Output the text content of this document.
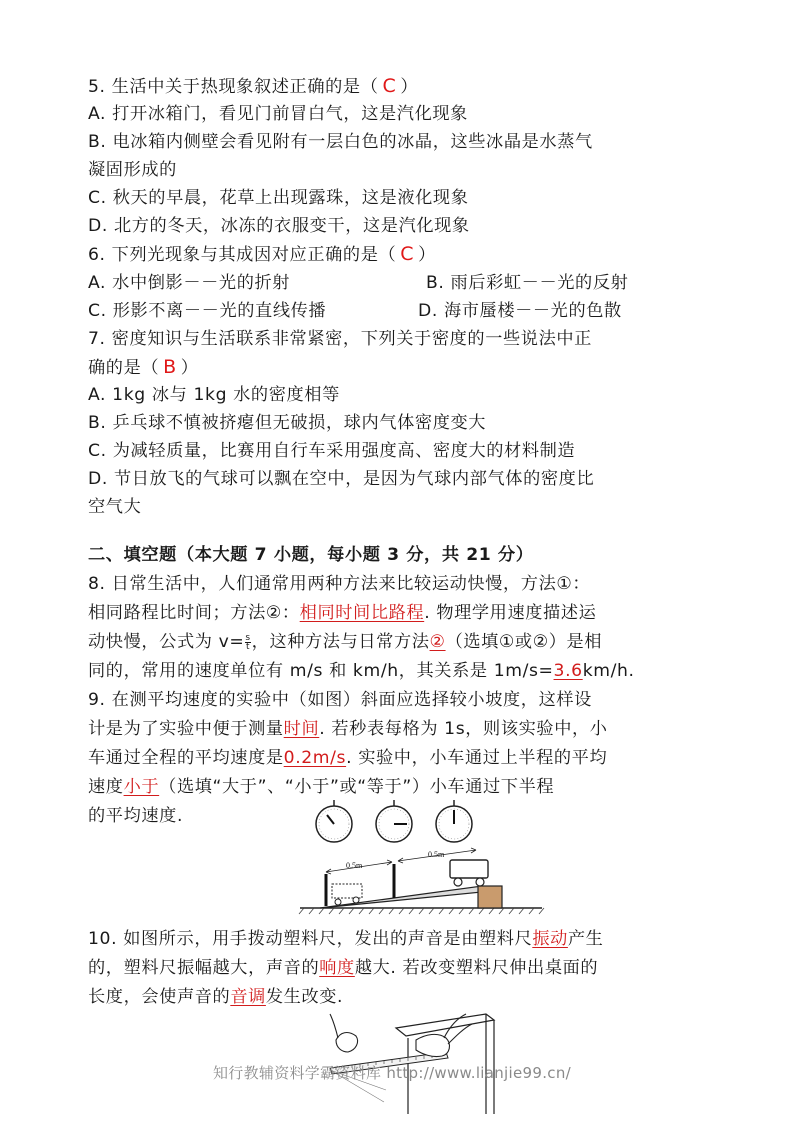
5. 生活中关于热现象叙述正确的是（ C ）
A. 打开冰箱门，看见门前冒白气，这是汽化现象
B. 电冰箱内侧壁会看见附有一层白色的冰晶，这些冰晶是水蒸气
凝固形成的
C. 秋天的早晨，花草上出现露珠，这是液化现象
D. 北方的冬天，冰冻的衣服变干，这是汽化现象
6. 下列光现象与其成因对应正确的是（ C ）
A. 水中倒影－－光的折射	B. 雨后彩虹－－光的反射
C. 形影不离－－光的直线传播	D. 海市蜃楼－－光的色散
7. 密度知识与生活联系非常紧密，下列关于密度的一些说法中正
确的是（ B ）
A. 1kg 冰与 1kg 水的密度相等
B. 乒乓球不慎被挤瘪但无破损，球内气体密度变大
C. 为减轻质量，比赛用自行车采用强度高、密度大的材料制造
D. 节日放飞的气球可以飘在空中，是因为气球内部气体的密度比
空气大
二、填空题（本大题 7 小题，每小题 3 分，共 21 分）
8. 日常生活中，人们通常用两种方法来比较运动快慢，方法①：
相同路程比时间；方法②：相同时间比路程. 物理学用速度描述运
动快慢，公式为 $v= \frac{s}{t}$ ，这种方法与日常方法②（选填①或②）是相
同的，常用的速度单位有 m/s 和 km/h，其关系是 1m/s=3.6km/h.
9. 在测平均速度的实验中（如图）斜面应选择较小坡度，这样设
计是为了实验中便于测量时间. 若秒表每格为 1s，则该实验中，小
车通过全程的平均速度是0.2m/s. 实验中，小车通过上半程的平均
速度小于（选填“大于”、“小于”或“等于”）小车通过下半程
的平均速度.
0.5m
0.5m
10. 如图所示，用手拨动塑料尺，发出的声音是由塑料尺振动产生
的，塑料尺振幅越大，声音的响度越大. 若改变塑料尺伸出桌面的
长度，会使声音的音调发生改变.
知行教辅资料学霸资料库 http://www.lianjie99.cn/
